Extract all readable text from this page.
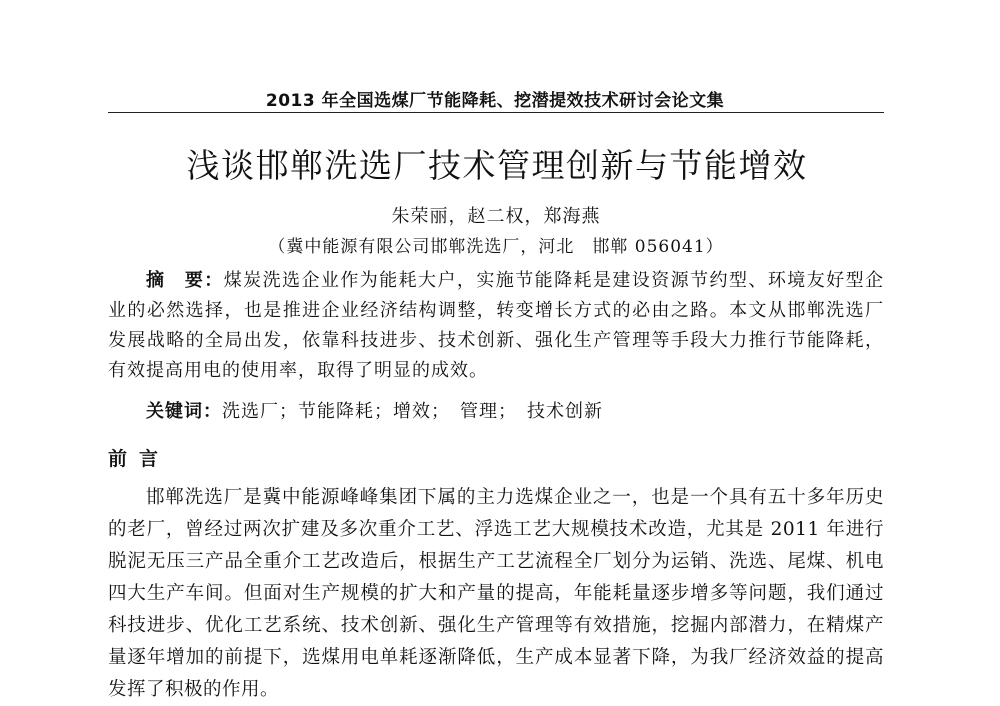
2013 年全国选煤厂节能降耗、挖潜提效技术研讨会论文集
浅谈邯郸洗选厂技术管理创新与节能增效
朱荣丽，赵二权，郑海燕
（冀中能源有限公司邯郸洗选厂，河北　邯郸 056041）
摘　要：煤炭洗选企业作为能耗大户，实施节能降耗是建设资源节约型、环境友好型企业的必然选择，也是推进企业经济结构调整，转变增长方式的必由之路。本文从邯郸洗选厂发展战略的全局出发，依靠科技进步、技术创新、强化生产管理等手段大力推行节能降耗，有效提高用电的使用率，取得了明显的成效。
关键词：洗选厂；节能降耗；增效；　管理；　技术创新
前言
邯郸洗选厂是冀中能源峰峰集团下属的主力选煤企业之一，也是一个具有五十多年历史的老厂，曾经过两次扩建及多次重介工艺、浮选工艺大规模技术改造，尤其是 2011 年进行脱泥无压三产品全重介工艺改造后，根据生产工艺流程全厂划分为运销、洗选、尾煤、机电四大生产车间。但面对生产规模的扩大和产量的提高，年能耗量逐步增多等问题，我们通过科技进步、优化工艺系统、技术创新、强化生产管理等有效措施，挖掘内部潜力，在精煤产量逐年增加的前提下，选煤用电单耗逐渐降低，生产成本显著下降，为我厂经济效益的提高发挥了积极的作用。
